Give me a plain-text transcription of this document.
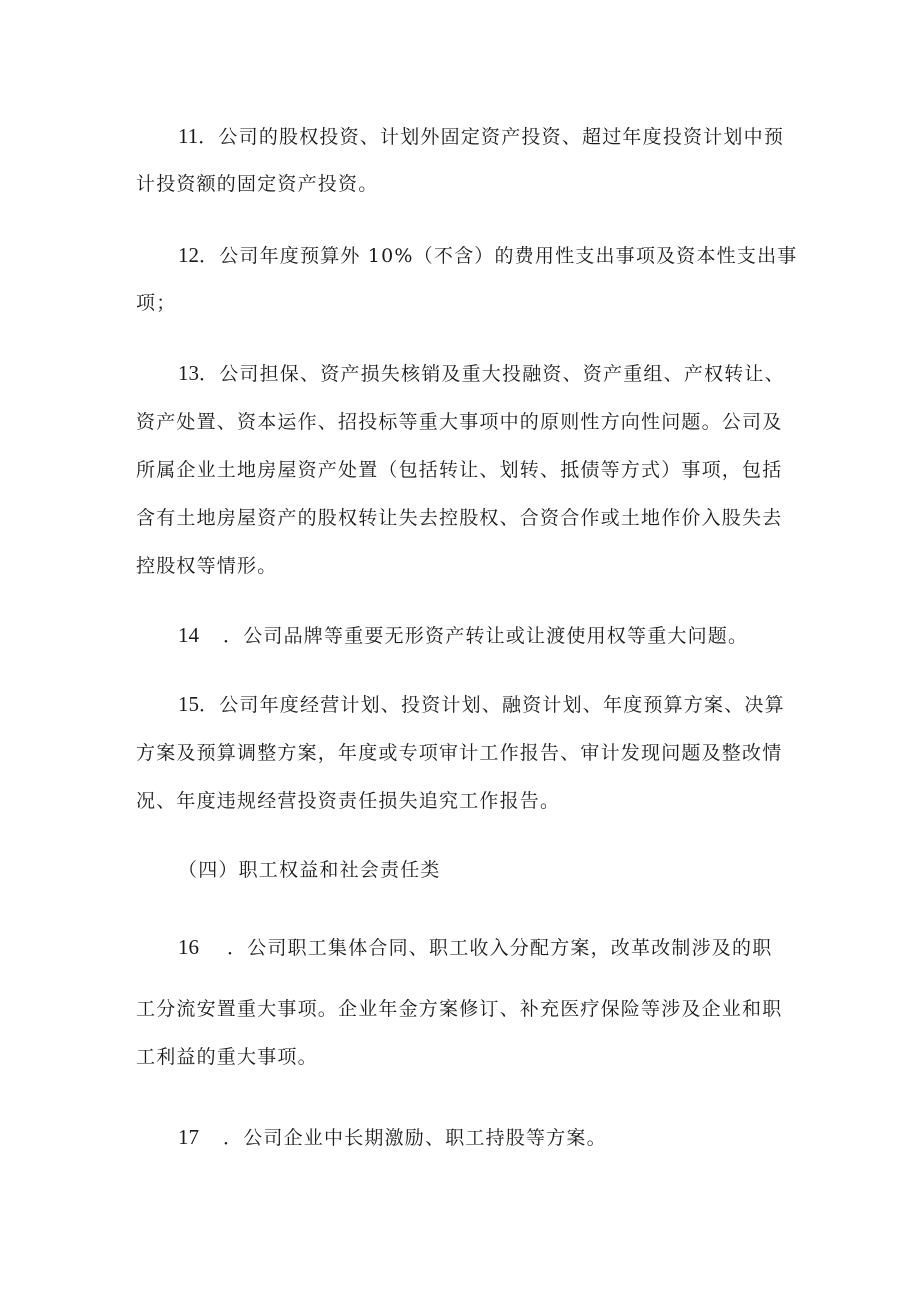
11．公司的股权投资、计划外固定资产投资、超过年度投资计划中预
计投资额的固定资产投资。
12．公司年度预算外 10%（不含）的费用性支出事项及资本性支出事
项；
13．公司担保、资产损失核销及重大投融资、资产重组、产权转让、
资产处置、资本运作、招投标等重大事项中的原则性方向性问题。公司及
所属企业土地房屋资产处置（包括转让、划转、抵债等方式）事项，包括
含有土地房屋资产的股权转让失去控股权、合资合作或土地作价入股失去
控股权等情形。
14 ．公司品牌等重要无形资产转让或让渡使用权等重大问题。
15．公司年度经营计划、投资计划、融资计划、年度预算方案、决算
方案及预算调整方案，年度或专项审计工作报告、审计发现问题及整改情
况、年度违规经营投资责任损失追究工作报告。
（四）职工权益和社会责任类
16 ．公司职工集体合同、职工收入分配方案，改革改制涉及的职
工分流安置重大事项。企业年金方案修订、补充医疗保险等涉及企业和职
工利益的重大事项。
17 ．公司企业中长期激励、职工持股等方案。
